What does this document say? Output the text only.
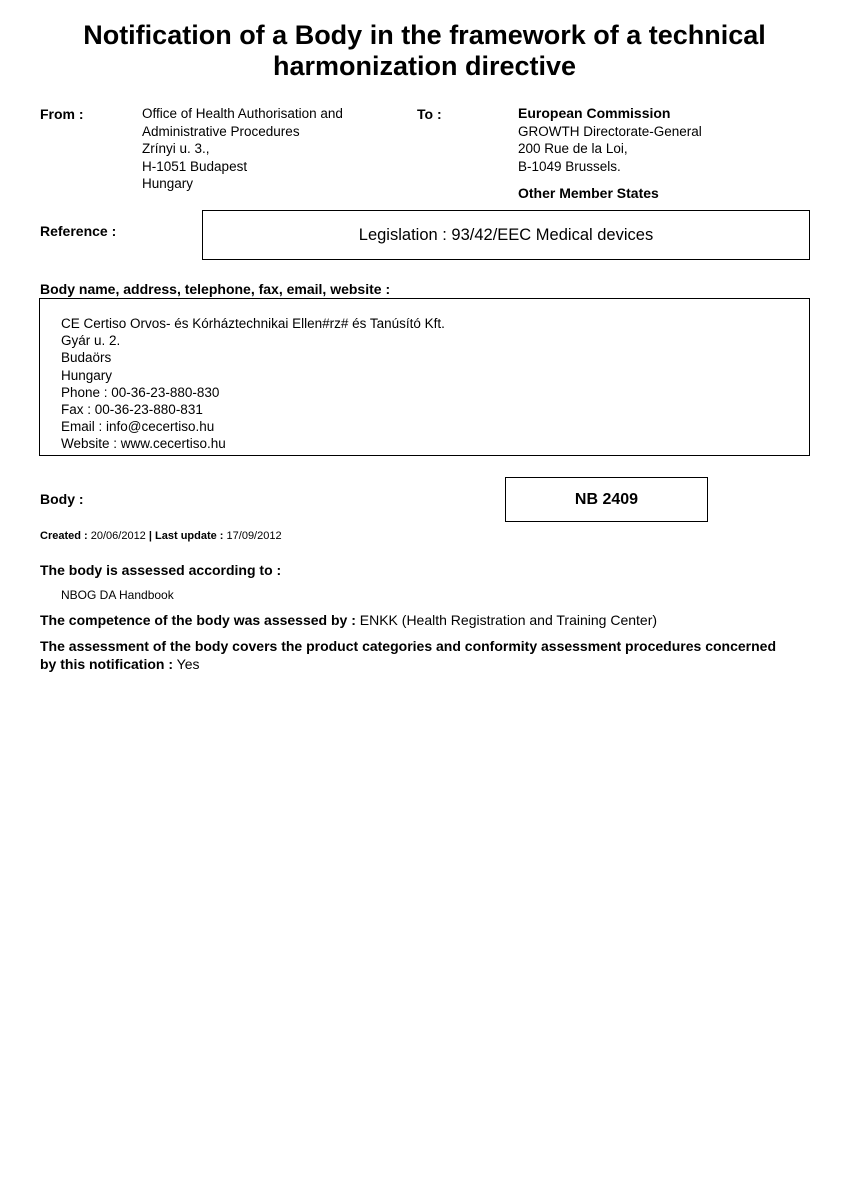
Notification of a Body in the framework of a technical harmonization directive
From :	Office of Health Authorisation and
Administrative Procedures
Zrínyi u. 3.,
H-1051 Budapest
Hungary
To :	European Commission
GROWTH Directorate-General
200 Rue de la Loi,
B-1049 Brussels.
Other Member States
Reference :	Legislation : 93/42/EEC Medical devices
Body name, address, telephone, fax, email, website :
CE Certiso Orvos- és Kórháztechnikai Ellen#rz# és Tanúsító Kft.
Gyár u. 2.
Budaörs
Hungary
Phone : 00-36-23-880-830
Fax : 00-36-23-880-831
Email : info@cecertiso.hu
Website : www.cecertiso.hu
Body :	NB 2409
Created : 20/06/2012 | Last update : 17/09/2012
The body is assessed according to :
NBOG DA Handbook
The competence of the body was assessed by : ENKK (Health Registration and Training Center)
The assessment of the body covers the product categories and conformity assessment procedures concerned
by this notification : Yes
